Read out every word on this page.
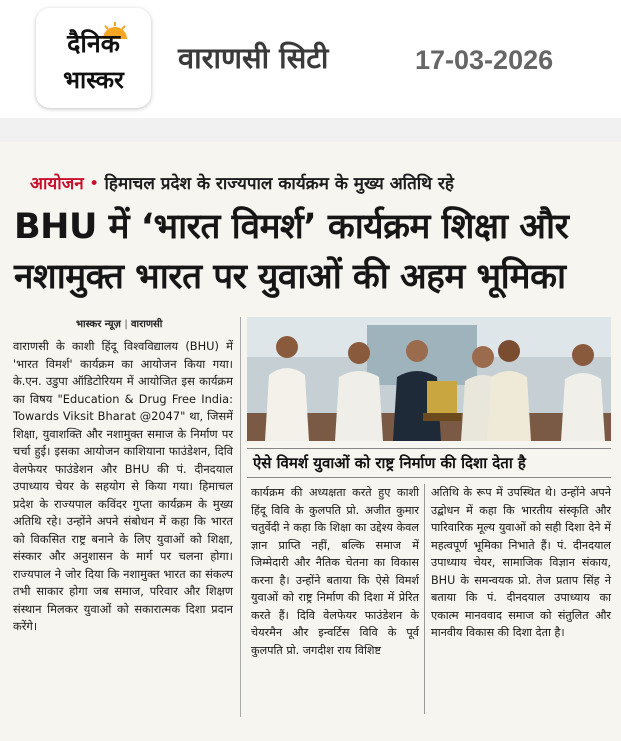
दैनिक
भास्कर
वाराणसी सिटी	17-03-2026
आयोजन • हिमाचल प्रदेश के राज्यपाल कार्यक्रम के मुख्य अतिथि रहे
BHU में ‘भारत विमर्श’ कार्यक्रम शिक्षा और
नशामुक्त भारत पर युवाओं की अहम भूमिका
भास्कर न्यूज़ | वाराणसी
वाराणसी के काशी हिंदू विश्वविद्यालय (BHU) में 'भारत विमर्श' कार्यक्रम का आयोजन किया गया। के.एन. उडुपा ऑडिटोरियम में आयोजित इस कार्यक्रम का विषय "Education & Drug Free India: Towards Viksit Bharat @2047" था, जिसमें शिक्षा, युवाशक्ति और नशामुक्त समाज के निर्माण पर चर्चा हुई। इसका आयोजन काशियाना फाउंडेशन, दिवि वेलफेयर फाउंडेशन और BHU की पं. दीनदयाल उपाध्याय चेयर के सहयोग से किया गया। हिमाचल प्रदेश के राज्यपाल कविंदर गुप्ता कार्यक्रम के मुख्य अतिथि रहे। उन्होंने अपने संबोधन में कहा कि भारत को विकसित राष्ट्र बनाने के लिए युवाओं को शिक्षा, संस्कार और अनुशासन के मार्ग पर चलना होगा। राज्यपाल ने जोर दिया कि नशामुक्त भारत का संकल्प तभी साकार होगा जब समाज, परिवार और शिक्षण संस्थान मिलकर युवाओं को सकारात्मक दिशा प्रदान करेंगे।
ऐसे विमर्श युवाओं को राष्ट्र निर्माण की दिशा देता है
कार्यक्रम की अध्यक्षता करते हुए काशी हिंदू विवि के कुलपति प्रो. अजीत कुमार चतुर्वेदी ने कहा कि शिक्षा का उद्देश्य केवल ज्ञान प्राप्ति नहीं, बल्कि समाज में जिम्मेदारी और नैतिक चेतना का विकास करना है। उन्होंने बताया कि ऐसे विमर्श युवाओं को राष्ट्र निर्माण की दिशा में प्रेरित करते हैं। दिवि वेलफेयर फाउंडेशन के चेयरमैन और इन्वर्टिस विवि के पूर्व कुलपति प्रो. जगदीश राय विशिष्ट
अतिथि के रूप में उपस्थित थे। उन्होंने अपने उद्बोधन में कहा कि भारतीय संस्कृति और पारिवारिक मूल्य युवाओं को सही दिशा देने में महत्वपूर्ण भूमिका निभाते हैं। पं. दीनदयाल उपाध्याय चेयर, सामाजिक विज्ञान संकाय, BHU के समन्वयक प्रो. तेज प्रताप सिंह ने बताया कि पं. दीनदयाल उपाध्याय का एकात्म मानववाद समाज को संतुलित और मानवीय विकास की दिशा देता है।
